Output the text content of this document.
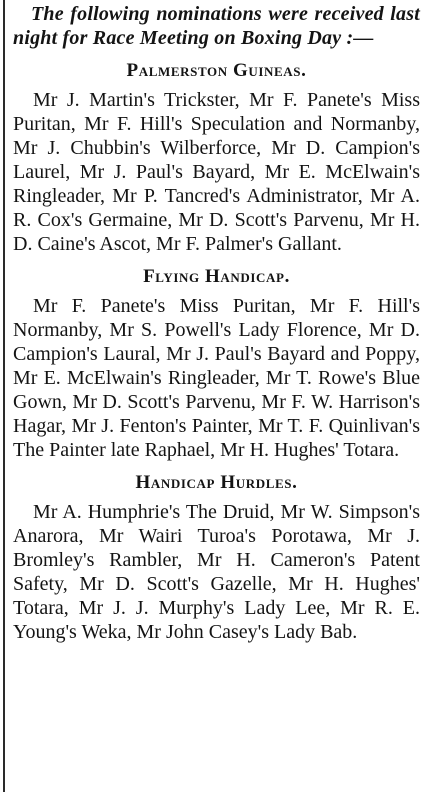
The following nominations were received last night for Race Meeting on Boxing Day :—

Palmerston Guineas.

Mr J. Martin's Trickster, Mr F. Panete's Miss Puritan, Mr F. Hill's Speculation and Normanby, Mr J. Chubbin's Wilberforce, Mr D. Campion's Laurel, Mr J. Paul's Bayard, Mr E. McElwain's Ringleader, Mr P. Tancred's Administrator, Mr A. R. Cox's Germaine, Mr D. Scott's Parvenu, Mr H. D. Caine's Ascot, Mr F. Palmer's Gallant.

Flying Handicap.

Mr F. Panete's Miss Puritan, Mr F. Hill's Normanby, Mr S. Powell's Lady Florence, Mr D. Campion's Laural, Mr J. Paul's Bayard and Poppy, Mr E. McElwain's Ringleader, Mr T. Rowe's Blue Gown, Mr D. Scott's Parvenu, Mr F. W. Harrison's Hagar, Mr J. Fenton's Painter, Mr T. F. Quinlivan's The Painter late Raphael, Mr H. Hughes' Totara.

Handicap Hurdles.

Mr A. Humphrie's The Druid, Mr W. Simpson's Anarora, Mr Wairi Turoa's Porotawa, Mr J. Bromley's Rambler, Mr H. Cameron's Patent Safety, Mr D. Scott's Gazelle, Mr H. Hughes' Totara, Mr J. J. Murphy's Lady Lee, Mr R. E. Young's Weka, Mr John Casey's Lady Bab.
